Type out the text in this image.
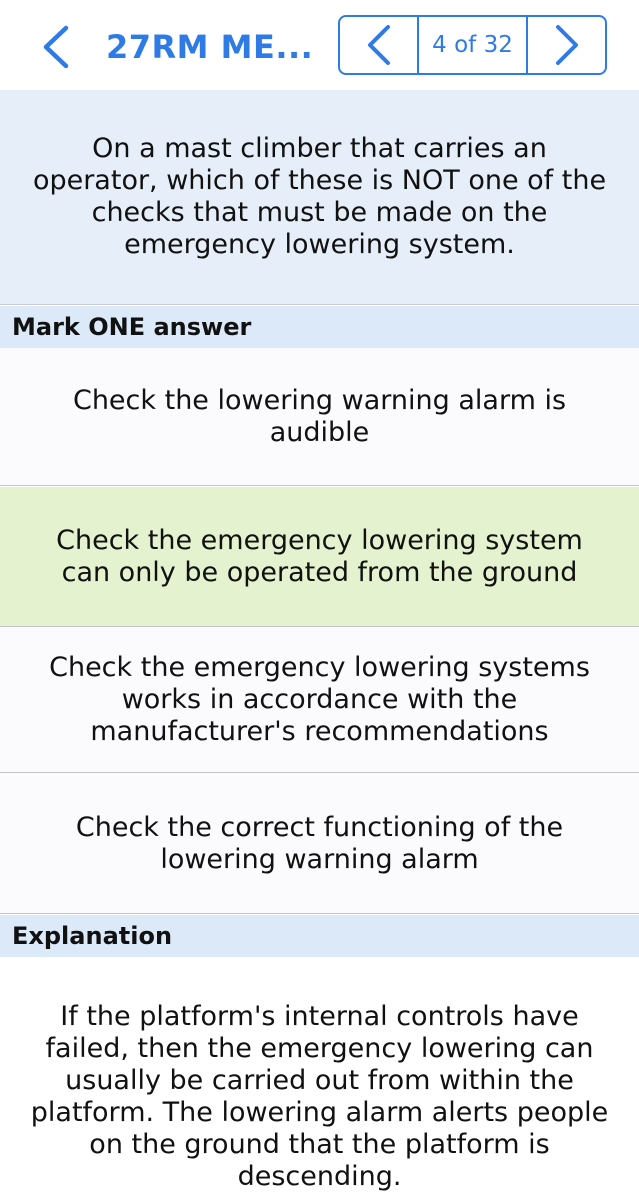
27RM ME...	4 of 32
On a mast climber that carries an operator, which of these is NOT one of the checks that must be made on the emergency lowering system.
Mark ONE answer
Check the lowering warning alarm is audible
Check the emergency lowering system can only be operated from the ground
Check the emergency lowering systems works in accordance with the manufacturer's recommendations
Check the correct functioning of the lowering warning alarm
Explanation
If the platform's internal controls have failed, then the emergency lowering can usually be carried out from within the platform. The lowering alarm alerts people on the ground that the platform is descending.
